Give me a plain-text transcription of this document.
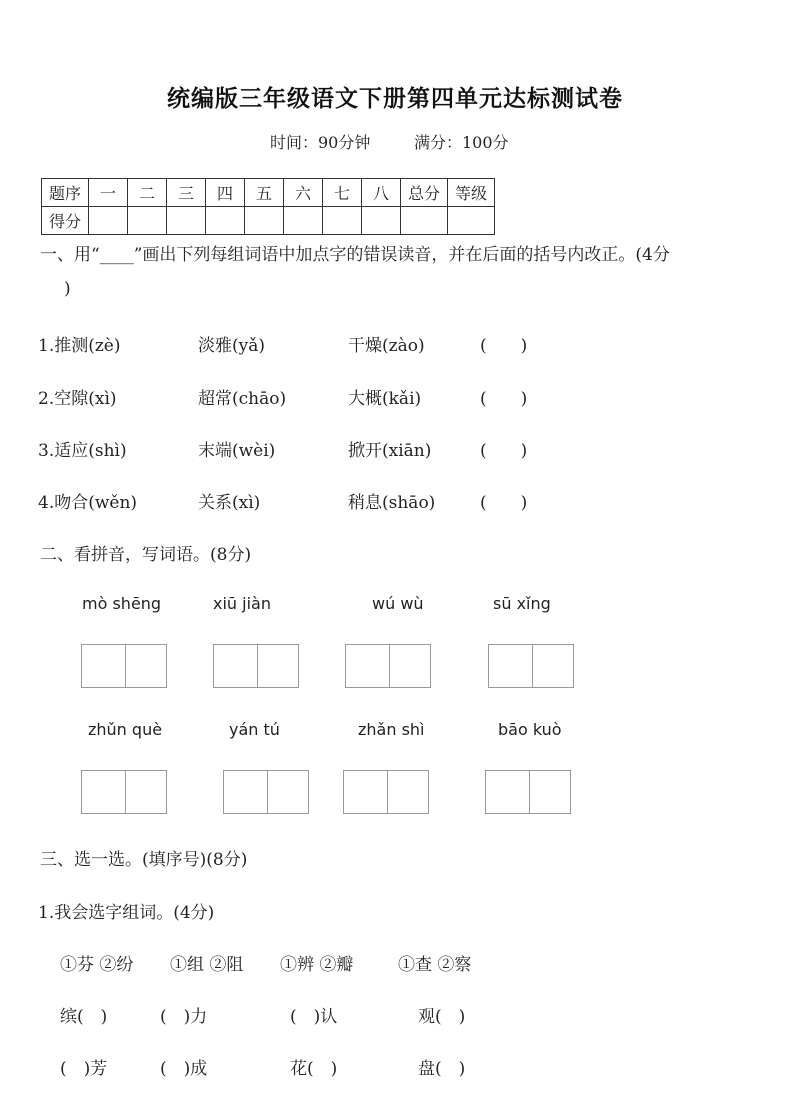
统编版三年级语文下册第四单元达标测试卷
时间：90分钟	满分：100分
题序	一	二	三	四	五	六	七	八	总分	等级
得分										
一、用“____”画出下列每组词语中加点字的错误读音，并在后面的括号内改正。(4分
)
1.推测(zè)	淡雅(yǎ)	干燥(zào)	(　　)
2.空隙(xì)	超常(chāo)	大概(kǎi)	(　　)
3.适应(shì)	末端(wèi)	掀开(xiān)	(　　)
4.吻合(wěn)	关系(xì)	稍息(shāo)	(　　)
二、看拼音，写词语。(8分)
mò shēng	xiū jiàn	wú wù	sū xǐng
zhǔn què	yán tú	zhǎn shì	bāo kuò
三、选一选。(填序号)(8分)
1.我会选字组词。(4分)
①芬 ②纷 ①组 ②阻 ①辨 ②瓣	①查 ②察
缤(　)	(　)力	(　)认	观(　)
(　)芳	(　)成	花(　)	盘(　)
